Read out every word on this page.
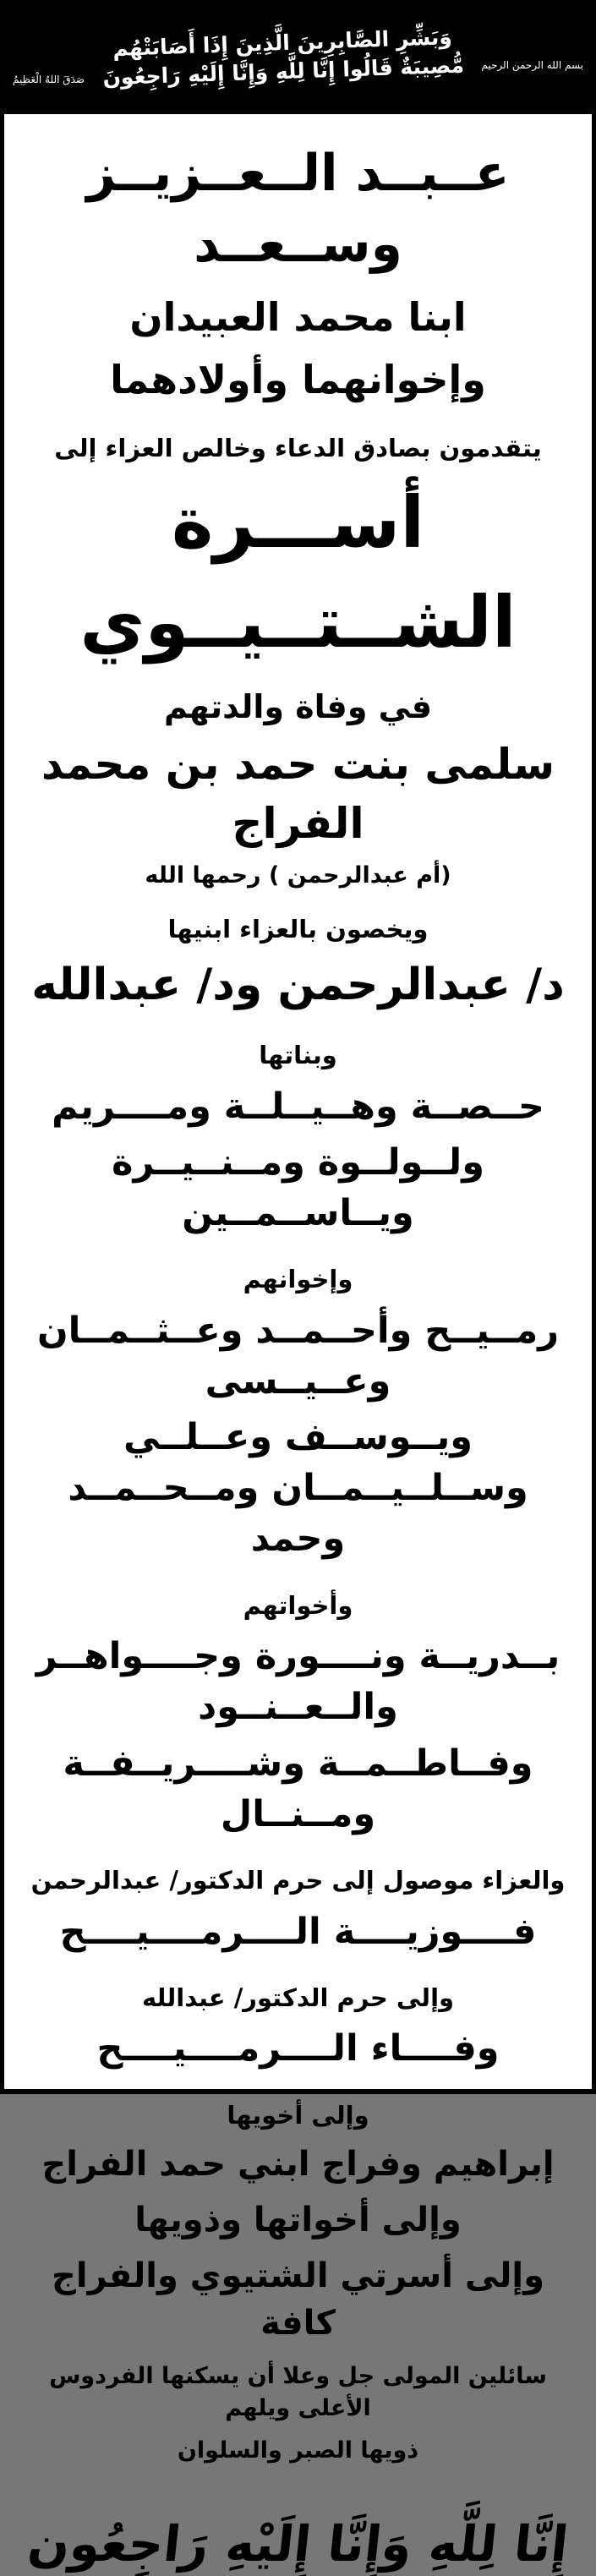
بسم الله الرحمن الرحيم
وَبَشِّرِ الصَّابِرِينَ الَّذِينَ إِذَا أَصَابَتْهُم مُّصِيبَةٌ قَالُوا إِنَّا لِلَّهِ وَإِنَّا إِلَيْهِ رَاجِعُونَ
صَدَقَ اللهُ الْعَظِيمُ

عــبــد الــعــزيــز وســعــد

ابنا محمد العبيدان

وإخوانهما وأولادهما

يتقدمون بصادق الدعاء وخالص العزاء إلى

أســـرة الشــتــيــوي

في وفاة والدتهم

سلمى بنت حمد بن محمد الفراج

(أم عبدالرحمن ) رحمها الله

ويخصون بالعزاء ابنيها

د/ عبدالرحمن ود/ عبدالله

وبناتها

حــصــة وهــيــلــة ومــــريم

ولــولــوة ومــنــيــرة ويــاســمــين

وإخوانهم

رمــيــح وأحــمــد وعــثــمــان وعــيــسى

ويــوســف وعــلــي وســلــيــمــان ومــحــمــد وحمد

وأخواتهم

بــدريــة ونــــورة وجــــواهــر والــعــنــود

وفــاطــمــة وشــــريــفــة ومــنــال

والعزاء موصول إلى حرم الدكتور/ عبدالرحمن

فــــوزيــــة الــــرمــــيــــح

وإلى حرم الدكتور/ عبدالله

وفــــاء الــــرمــــيــــح

وإلى أخويها

إبراهيم وفراج ابني حمد الفراج

وإلى أخواتها وذويها

وإلى أسرتي الشتيوي والفراج كافة

سائلين المولى جل وعلا أن يسكنها الفردوس الأعلى ويلهم

ذويها الصبر والسلوان

إِنَّا لِلَّهِ وَإِنَّا إِلَيْهِ رَاجِعُون
